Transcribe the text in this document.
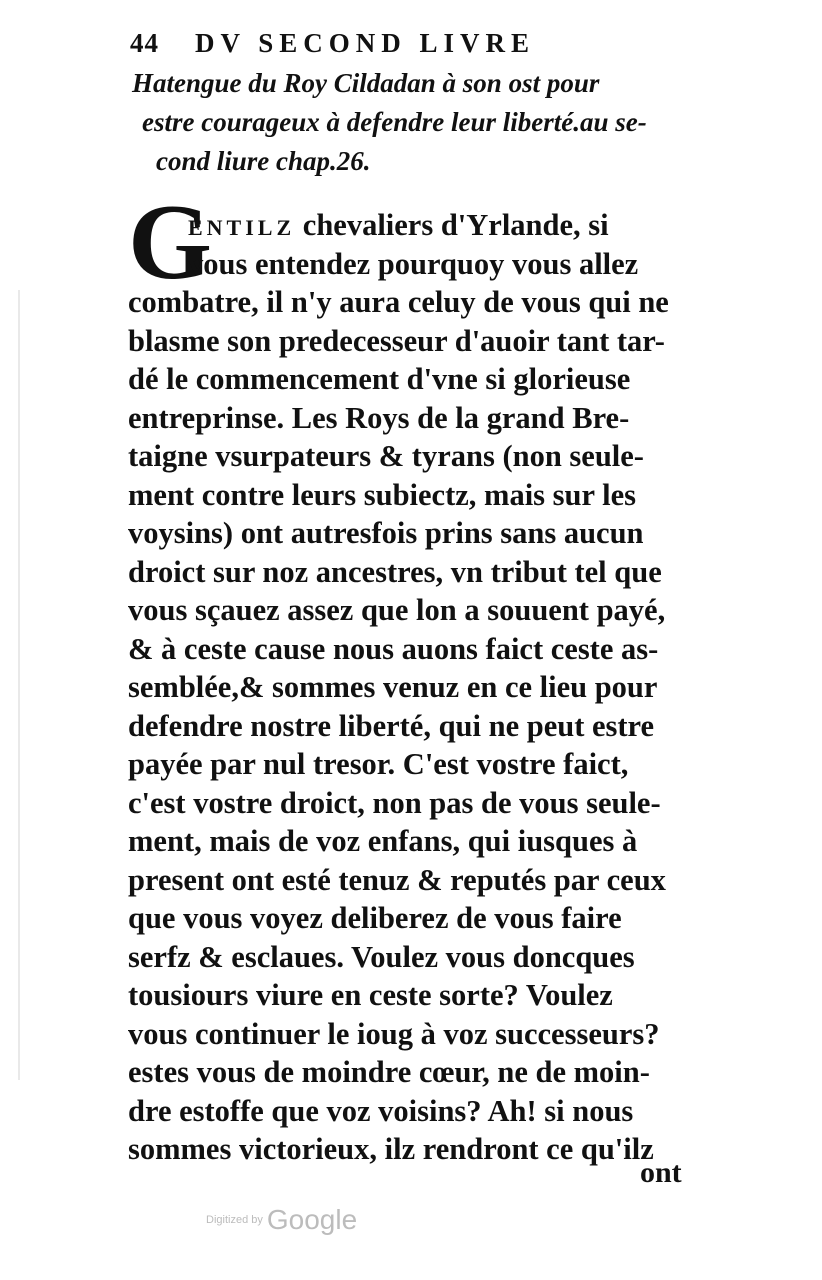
44 DV SECOND LIVRE
Hatengue du Roy Cildadan à son ost pour
estre courageux à defendre leur liberté.au se-
cond liure chap.26.
G
ENTILZ chevaliers d'Yrlande, si
vous entendez pourquoy vous allez
combatre, il n'y aura celuy de vous qui ne
blasme son predecesseur d'auoir tant tar-
dé le commencement d'vne si glorieuse
entreprinse. Les Roys de la grand Bre-
taigne vsurpateurs & tyrans (non seule-
ment contre leurs subiectz, mais sur les
voysins) ont autresfois prins sans aucun
droict sur noz ancestres, vn tribut tel que
vous sçauez assez que lon a souuent payé,
& à ceste cause nous auons faict ceste as-
semblée,& sommes venuz en ce lieu pour
defendre nostre liberté, qui ne peut estre
payée par nul tresor. C'est vostre faict,
c'est vostre droict, non pas de vous seule-
ment, mais de voz enfans, qui iusques à
present ont esté tenuz & reputés par ceux
que vous voyez deliberez de vous faire
serfz & esclaues. Voulez vous doncques
tousiours viure en ceste sorte? Voulez
vous continuer le ioug à voz successeurs?
estes vous de moindre cœur, ne de moin-
dre estoffe que voz voisins? Ah! si nous
sommes victorieux, ilz rendront ce qu'ilz
ont
Digitized by Google
